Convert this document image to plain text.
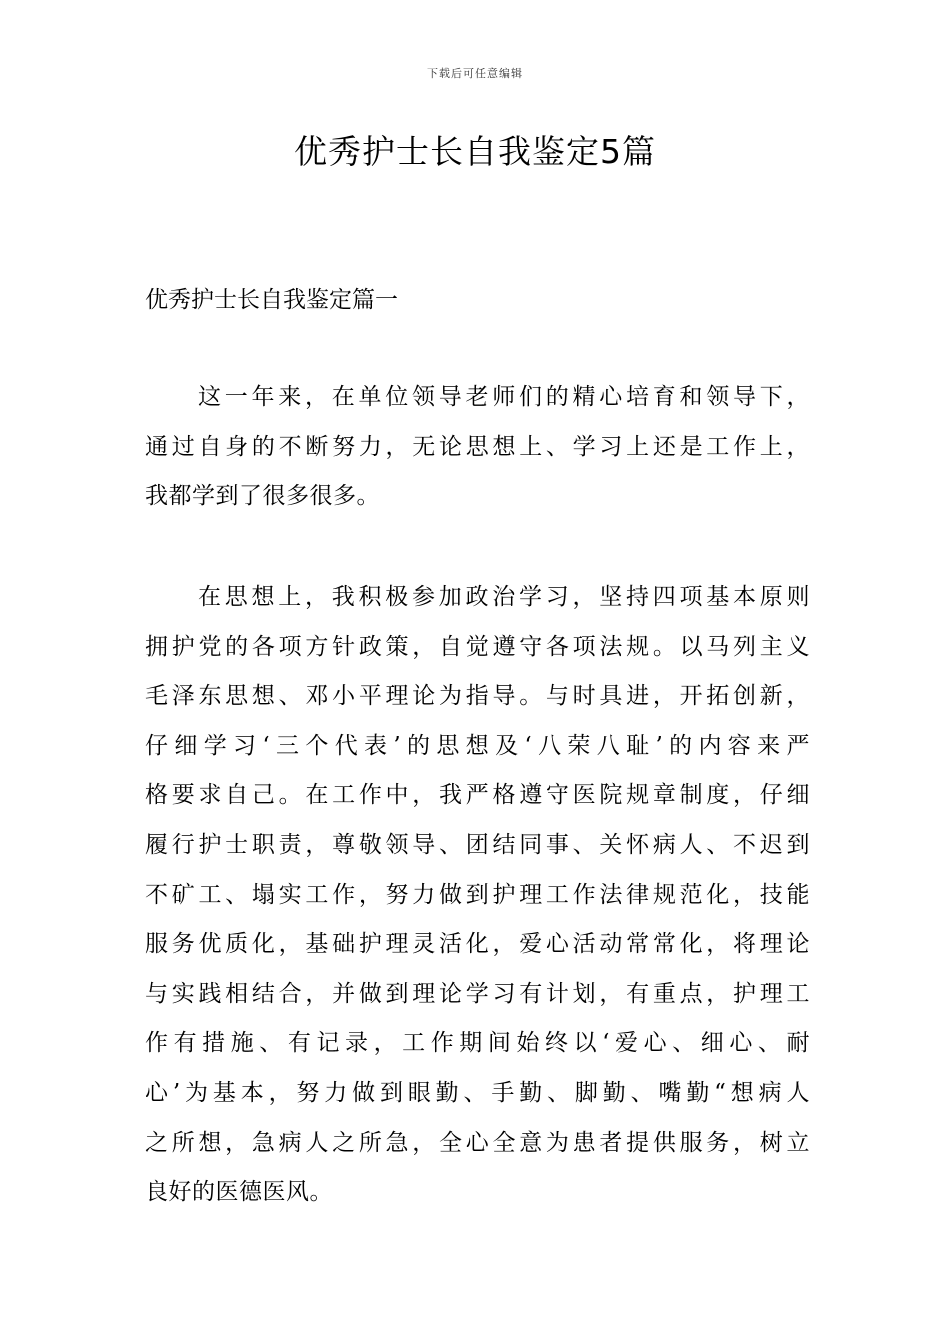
下载后可任意编辑
优秀护士长自我鉴定5篇
优秀护士长自我鉴定篇一
这一年来，在单位领导老师们的精心培育和领导下，
通过自身的不断努力，无论思想上、学习上还是工作上，
我都学到了很多很多。
在思想上，我积极参加政治学习，坚持四项基本原则
拥护党的各项方针政策，自觉遵守各项法规。以马列主义
毛泽东思想、邓小平理论为指导。与时具进，开拓创新，
仔细学习‘三个代表’的思想及‘八荣八耻’的内容来严
格要求自己。在工作中，我严格遵守医院规章制度，仔细
履行护士职责，尊敬领导、团结同事、关怀病人、不迟到
不矿工、塌实工作，努力做到护理工作法律规范化，技能
服务优质化，基础护理灵活化，爱心活动常常化，将理论
与实践相结合，并做到理论学习有计划，有重点，护理工
作有措施、有记录，工作期间始终以‘爱心、细心、耐
心’为基本，努力做到眼勤、手勤、脚勤、嘴勤“想病人
之所想，急病人之所急，全心全意为患者提供服务，树立
良好的医德医风。
